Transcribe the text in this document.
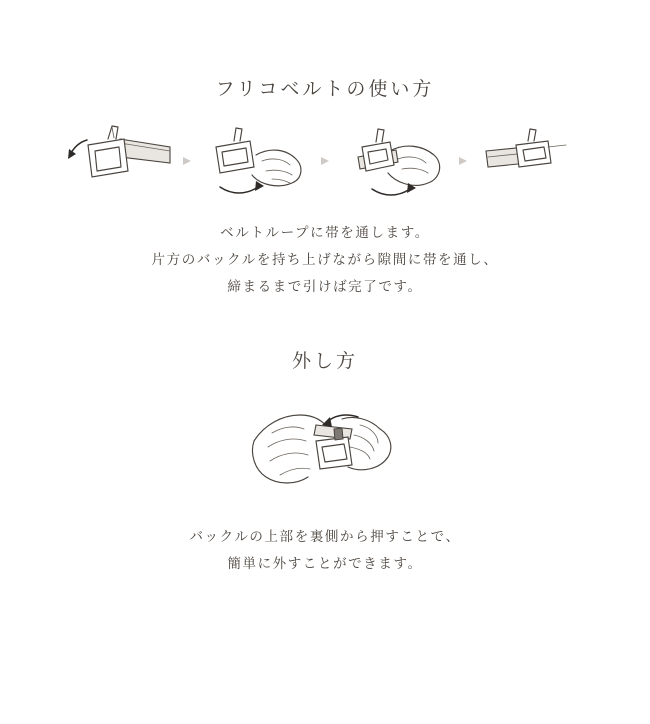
フリコベルトの使い方
ベルトループに帯を通します。
片方のバックルを持ち上げながら隙間に帯を通し、
締まるまで引けば完了です。
外し方
バックルの上部を裏側から押すことで、
簡単に外すことができます。
